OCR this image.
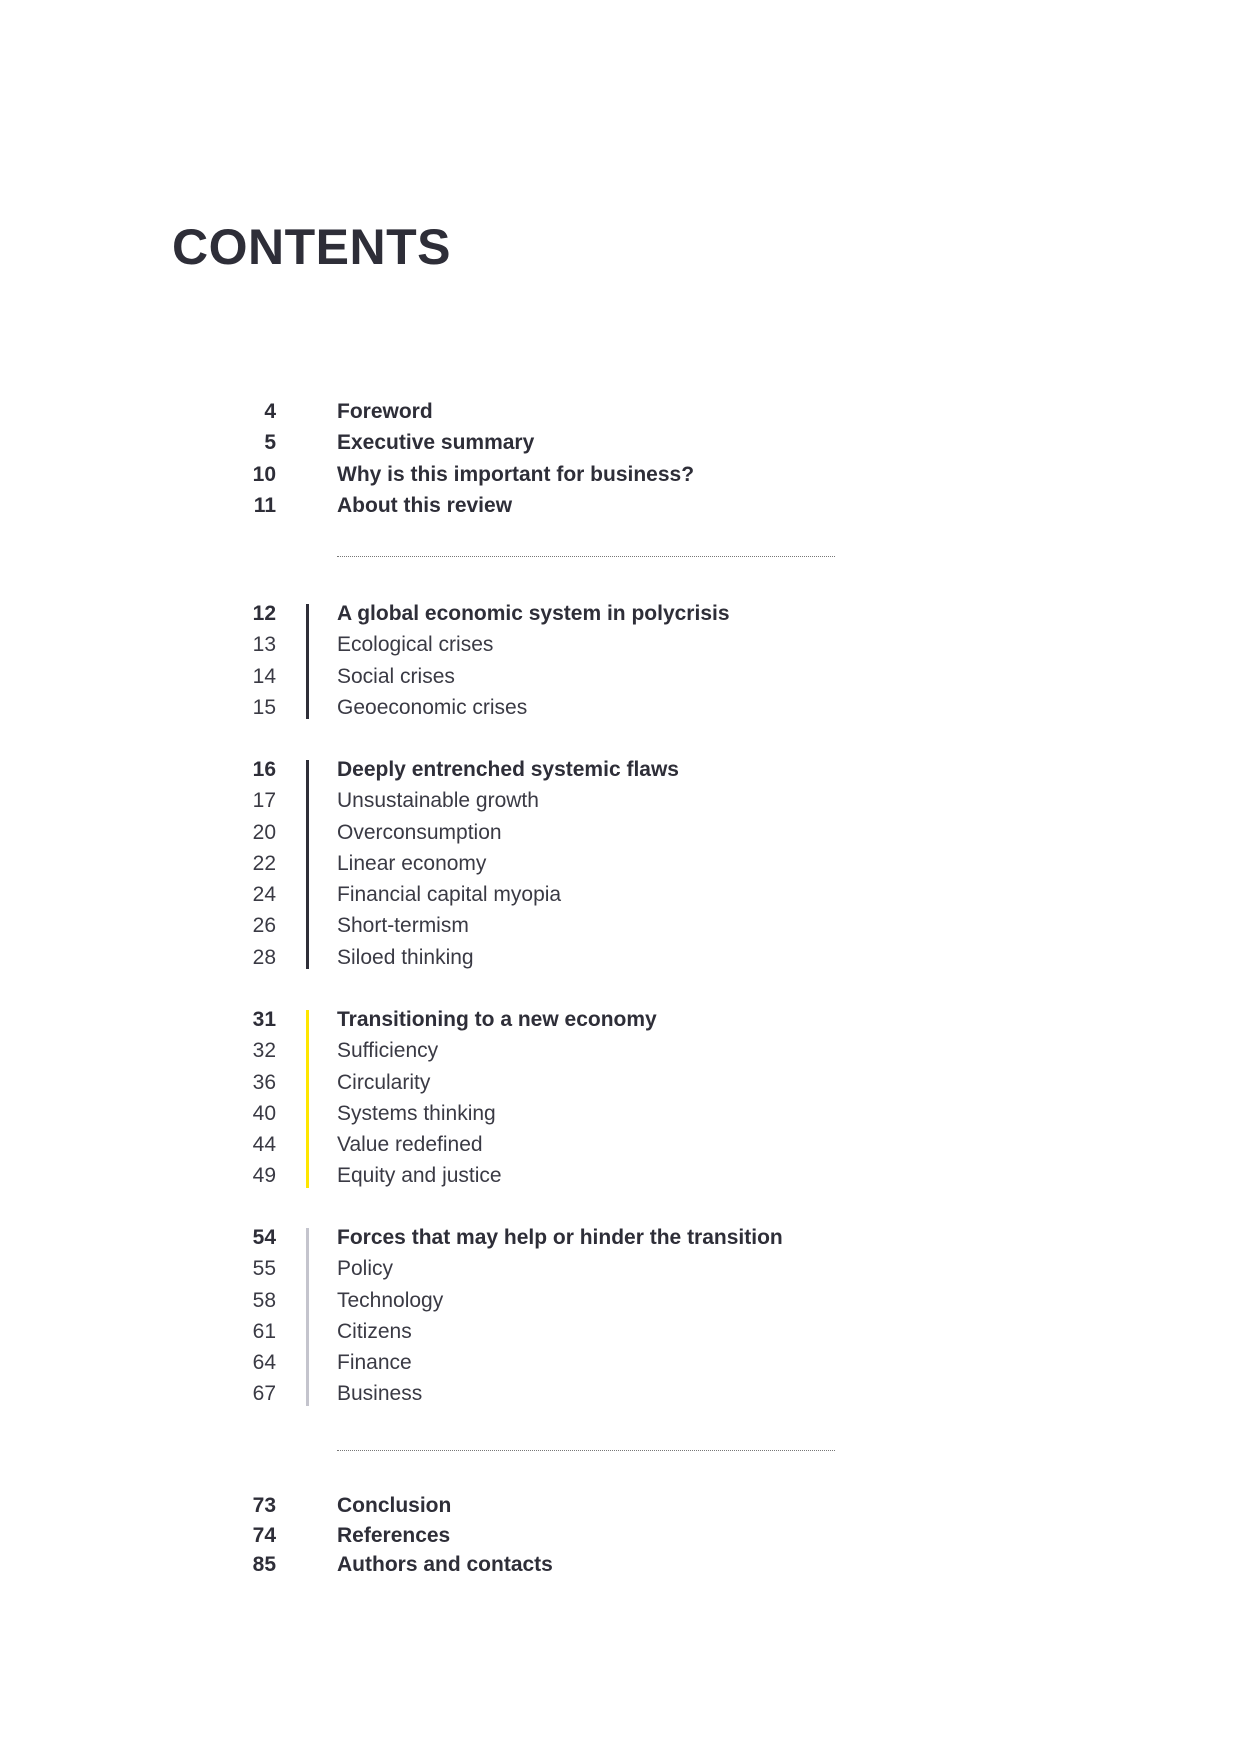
CONTENTS
4	Foreword
5	Executive summary
10	Why is this important for business?
11	About this review
12	A global economic system in polycrisis
13	Ecological crises
14	Social crises
15	Geoeconomic crises
16	Deeply entrenched systemic flaws
17	Unsustainable growth
20	Overconsumption
22	Linear economy
24	Financial capital myopia
26	Short-termism
28	Siloed thinking
31	Transitioning to a new economy
32	Sufficiency
36	Circularity
40	Systems thinking
44	Value redefined
49	Equity and justice
54	Forces that may help or hinder the transition
55	Policy
58	Technology
61	Citizens
64	Finance
67	Business
73	Conclusion
74	References
85	Authors and contacts
